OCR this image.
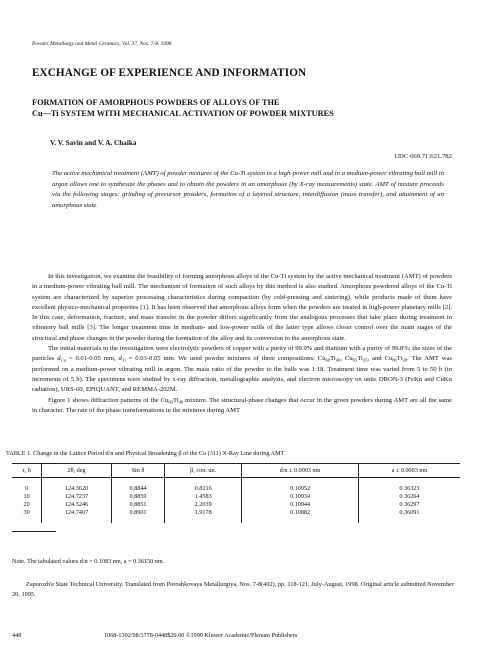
Powder Metallurgy and Metal Ceramics, Vol. 37, Nos. 7-8, 1998
EXCHANGE OF EXPERIENCE AND INFORMATION
FORMATION OF AMORPHOUS POWDERS OF ALLOYS OF THE
Cu—Ti SYSTEM WITH MECHANICAL ACTIVATION OF POWDER MIXTURES
V. V. Savin and V. A. Chaika
UDC 669.71:621.782
The active mechanical treatment (AMT) of powder mixtures of the Cu-Ti system in a high-power mill and in a medium-power vibrating ball mill in argon allows one to synthesize the phases and to obtain the powders in an amorphous (by X-ray measurements) state. AMT of mixture proceeds via the following stages: grinding of precursor powders, formation of a layered structure, interdiffusion (mass transfer), and attainment of an amorphous state.

In this investigation, we examine the feasibility of forming amorphous alloys of the Cu-Ti system by the active mechanical treatment (AMT) of powders in a medium-power vibrating ball mill. The mechanism of formation of such alloys by this method is also studied. Amorphous powdered alloys of the Cu-Ti system are characterized by superior processing characteristics during compaction (by cold-pressing and sintering), while products made of them have excellent physico-mechanical properties [1]. It has been observed that amorphous alloys form when the powders are treated in high-power planetary mills [2]. In this case, deformation, fracture, and mass transfer in the powder differs significantly from the analogous processes that take place during treatment in vibratory ball mills [3]. The longer treatment time in medium- and low-power mills of the latter type allows closer control over the main stages of the structural and phase changes in the powder during the formation of the alloy and its conversion to the amorphous state.

The initial materials in the investigation were electrolytic powders of copper with a purity of 99.9% and titanium with a purity of 99.8%; the sizes of the particles $d_{Cu} = 0.01-0.05$ mm, $d_{Ti} = 0.03-0.05$ mm. We used powder mixtures of three compositions: $Cu_{60}Ti_{40}$, $Cu_{65}Ti_{35}$, and $Cu_{80}Ti_{20}$. The AMT was performed on a medium-power vibrating mill in argon. The mass ratio of the powder to the balls was 1:18. Treatment time was varied from 5 to 50 h (in increments of 5 h). The specimens were studied by x-ray diffraction, metallographic analysis, and electron microscopy on units DRON-3 (FeKα and CuKα radiation), URS-60, EPIQUANT, and REMMA-202M.

Figure 1 shows diffraction patterns of the $Cu_{60}Ti_{40}$ mixture. The structural-phase changes that occur in the given powders during AMT are all the same in character. The rate of the phase transformations in the mixtures during AMT

TABLE 1. Change in the Lattice Period d/n and Physical Broadening β of the Cu (311) X-Ray Line during AMT
τ, h	2θ, deg	Sin θ	β, con. un.	d/n ± 0.0003 nm	a ± 0.0003 nm
0	124.3620	0.8844	0.8216	0.10952	0.36323
10	124.7237	0.8859	1.4583	0.10934	0.36264
20	124.5246	0.8851	2.2039	0.10944	0.36297
30	124.7407	0.8901	1.9178	0.10882	0.36091
Note. The tabulated values d/n = 0.1083 nm, a = 0.36150 nm.

Zaporozh'e State Technical University. Translated from Poroshkovaya Metallurgiya, Nos. 7-8(402), pp. 118-121, July-August, 1998. Original article submitted November 20, 1995.

448	1068-1302/98/3778-0448$20.00 ©1999 Kluwer Academic/Plenum Publishers
